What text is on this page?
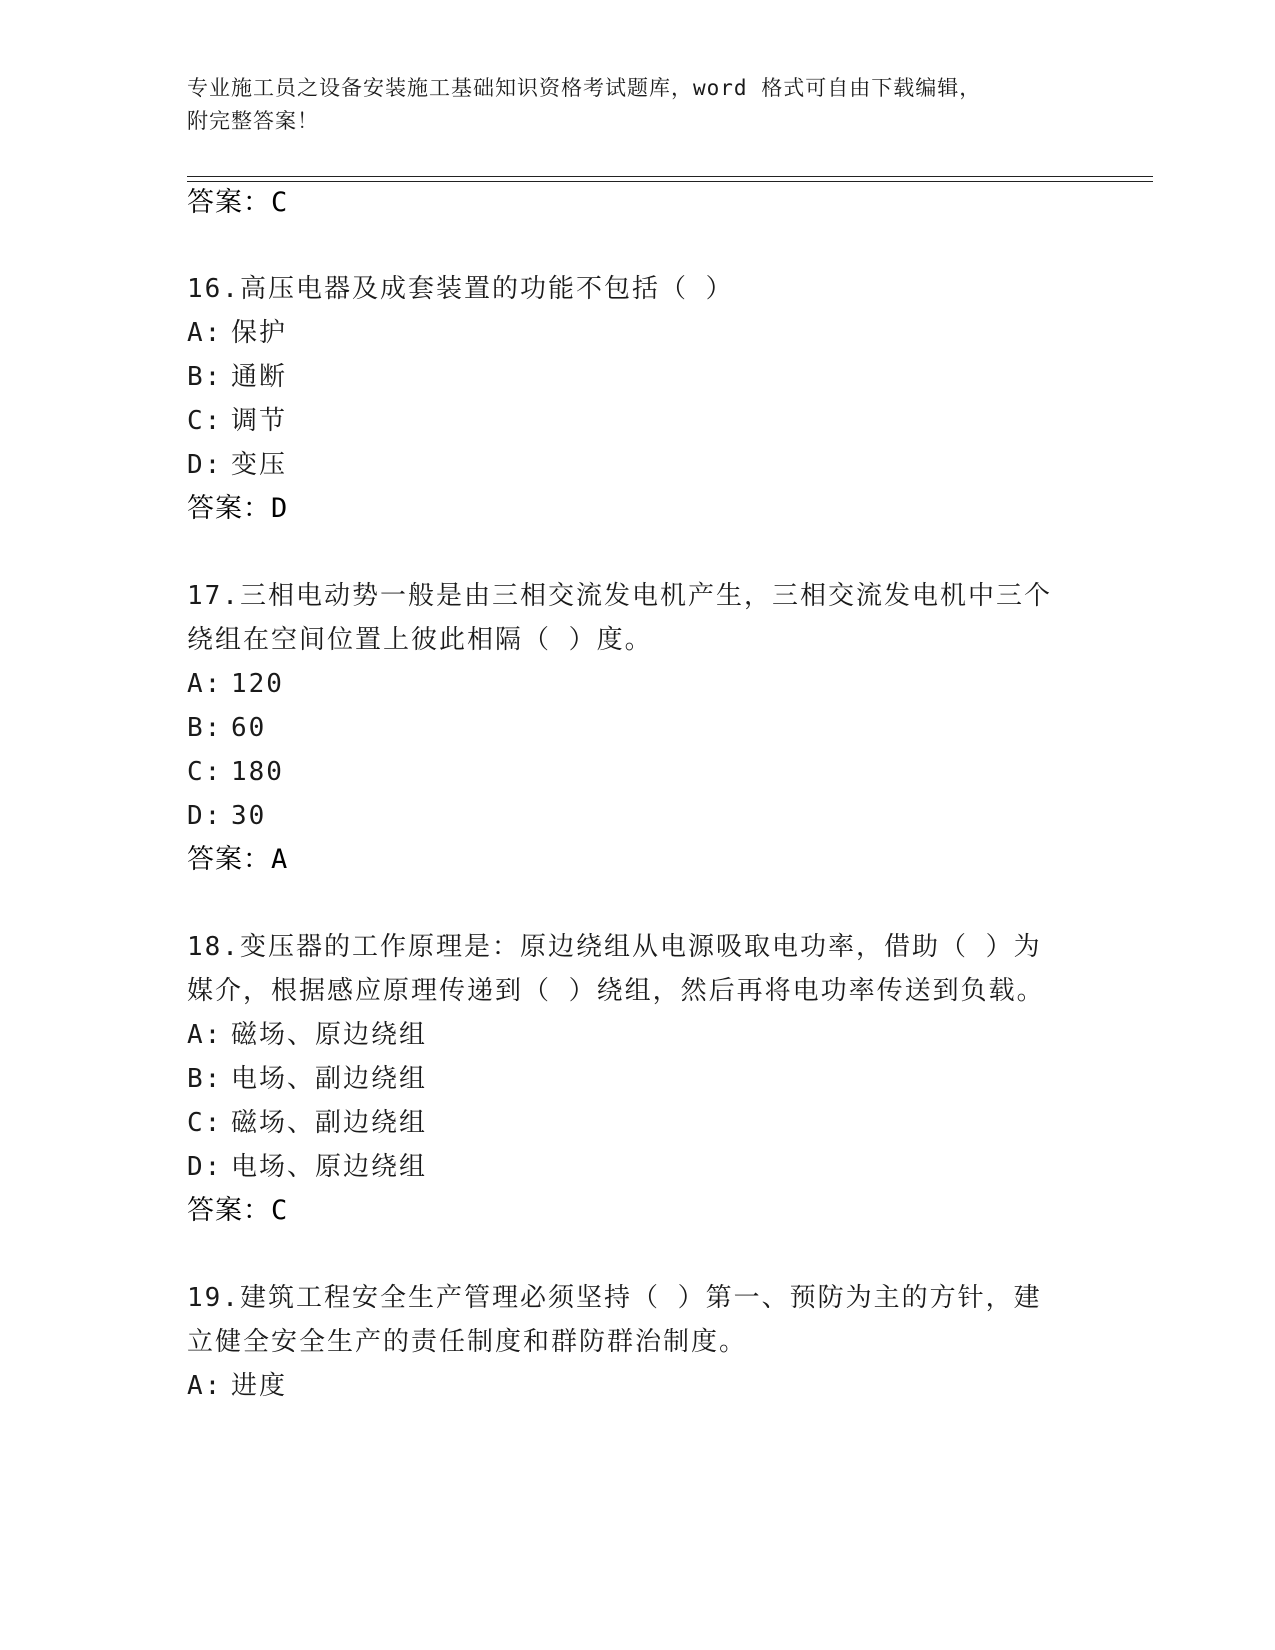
专业施工员之设备安装施工基础知识资格考试题库，word 格式可自由下载编辑，
附完整答案！
答案：C
16.高压电器及成套装置的功能不包括（ ）
A: 保护
B: 通断
C: 调节
D: 变压
答案：D
17.三相电动势一般是由三相交流发电机产生，三相交流发电机中三个
绕组在空间位置上彼此相隔（ ）度。
A: 120
B: 60
C: 180
D: 30
答案：A
18.变压器的工作原理是：原边绕组从电源吸取电功率，借助（ ）为
媒介，根据感应原理传递到（ ）绕组，然后再将电功率传送到负载。
A: 磁场、原边绕组
B: 电场、副边绕组
C: 磁场、副边绕组
D: 电场、原边绕组
答案：C
19.建筑工程安全生产管理必须坚持（ ）第一、预防为主的方针，建
立健全安全生产的责任制度和群防群治制度。
A: 进度
